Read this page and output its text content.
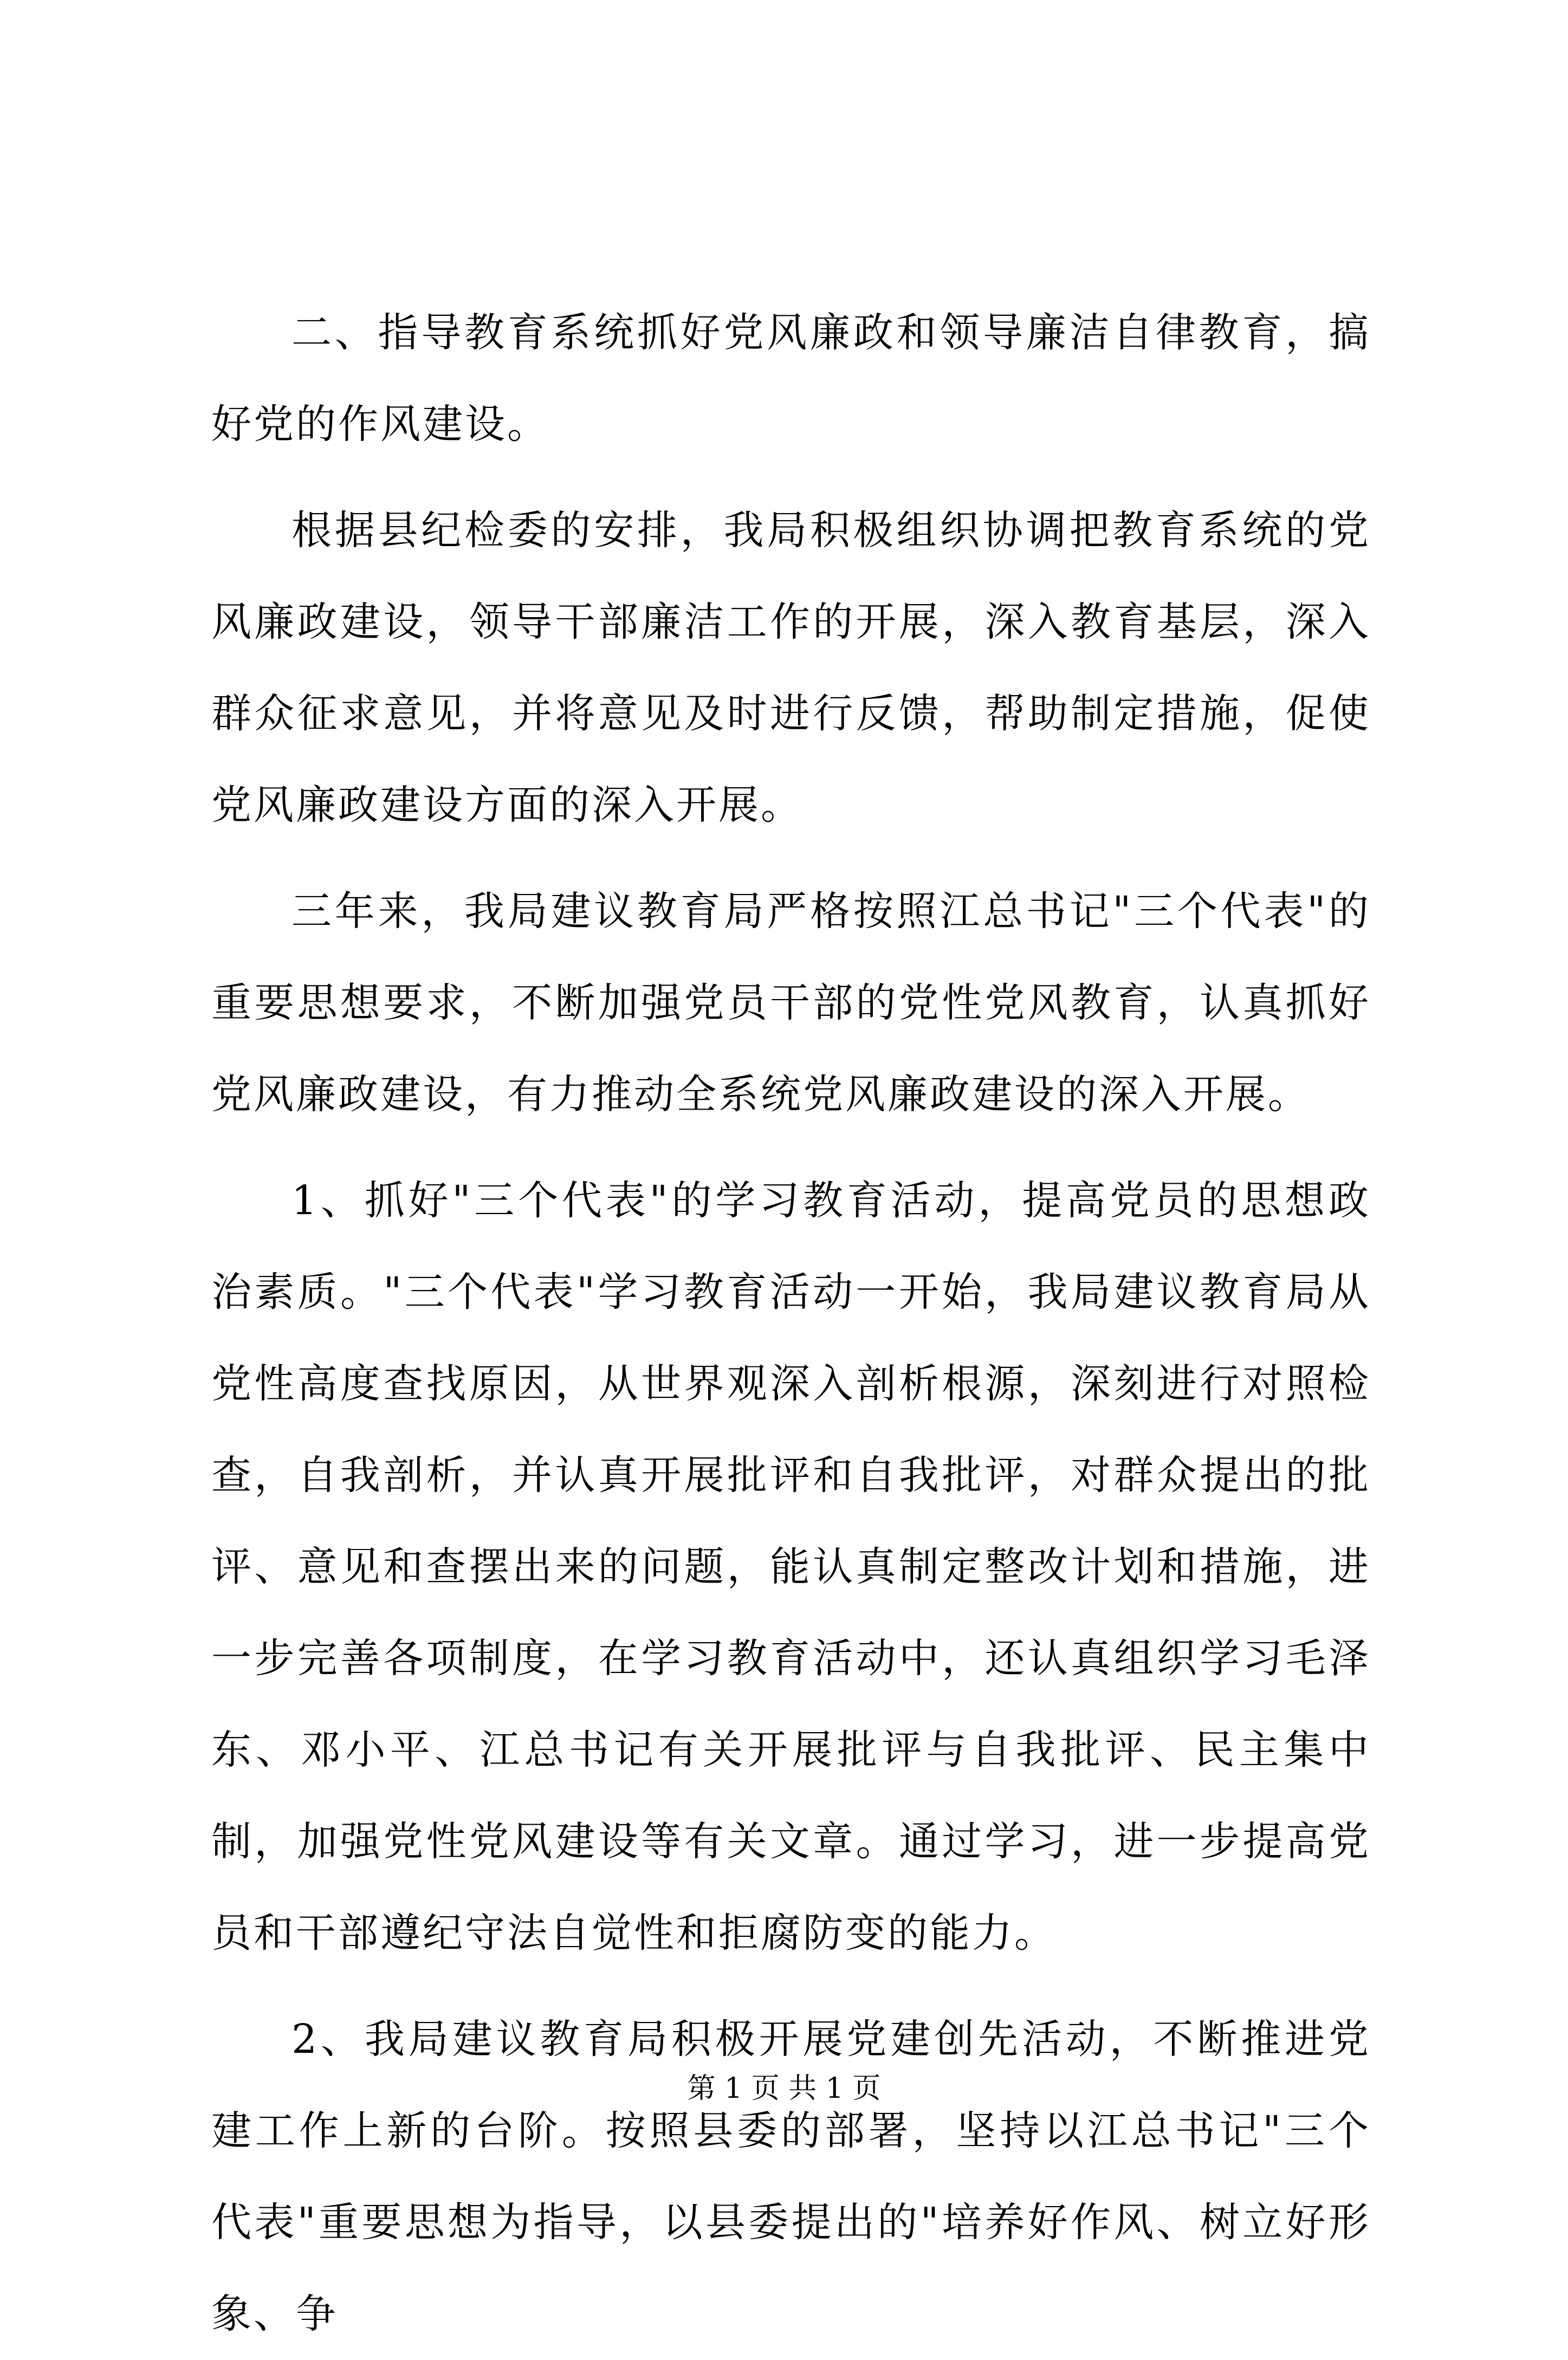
二、指导教育系统抓好党风廉政和领导廉洁自律教育，搞好党的作风建设。

根据县纪检委的安排，我局积极组织协调把教育系统的党风廉政建设，领导干部廉洁工作的开展，深入教育基层，深入群众征求意见，并将意见及时进行反馈，帮助制定措施，促使党风廉政建设方面的深入开展。

三年来，我局建议教育局严格按照江总书记"三个代表"的重要思想要求，不断加强党员干部的党性党风教育，认真抓好党风廉政建设，有力推动全系统党风廉政建设的深入开展。

1、抓好"三个代表"的学习教育活动，提高党员的思想政治素质。"三个代表"学习教育活动一开始，我局建议教育局从党性高度查找原因，从世界观深入剖析根源，深刻进行对照检查，自我剖析，并认真开展批评和自我批评，对群众提出的批评、意见和查摆出来的问题，能认真制定整改计划和措施，进一步完善各项制度，在学习教育活动中，还认真组织学习毛泽东、邓小平、江总书记有关开展批评与自我批评、民主集中制，加强党性党风建设等有关文章。通过学习，进一步提高党员和干部遵纪守法自觉性和拒腐防变的能力。

2、我局建议教育局积极开展党建创先活动，不断推进党建工作上新的台阶。按照县委的部署，坚持以江总书记"三个代表"重要思想为指导，以县委提出的"培养好作风、树立好形象、争

第 1 页 共 1 页
